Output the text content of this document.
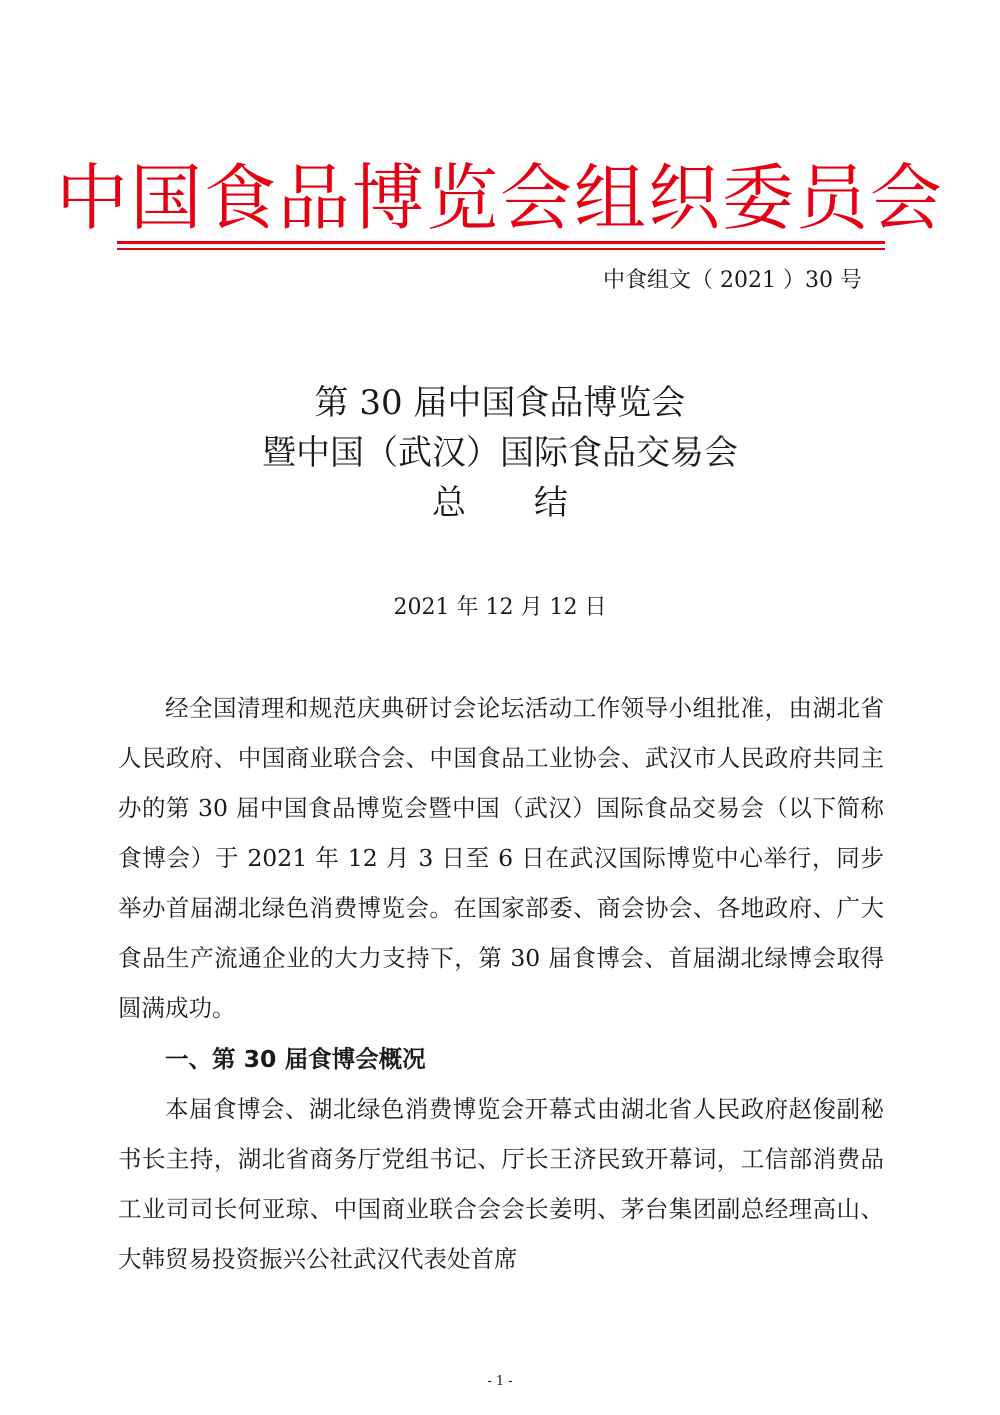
中国食品博览会组织委员会
中食组文（ 2021 ）30 号
第 30 届中国食品博览会
暨中国（武汉）国际食品交易会
总 结
2021 年 12 月 12 日

经全国清理和规范庆典研讨会论坛活动工作领导小组批准，由湖北省人民政府、中国商业联合会、中国食品工业协会、武汉市人民政府共同主办的第 30 届中国食品博览会暨中国（武汉）国际食品交易会（以下简称食博会）于 2021 年 12 月 3 日至 6 日在武汉国际博览中心举行，同步举办首届湖北绿色消费博览会。在国家部委、商会协会、各地政府、广大食品生产流通企业的大力支持下，第 30 届食博会、首届湖北绿博会取得圆满成功。

一、第 30 届食博会概况

本届食博会、湖北绿色消费博览会开幕式由湖北省人民政府赵俊副秘书长主持，湖北省商务厅党组书记、厅长王济民致开幕词，工信部消费品工业司司长何亚琼、中国商业联合会会长姜明、茅台集团副总经理高山、大韩贸易投资振兴公社武汉代表处首席

- 1 -
